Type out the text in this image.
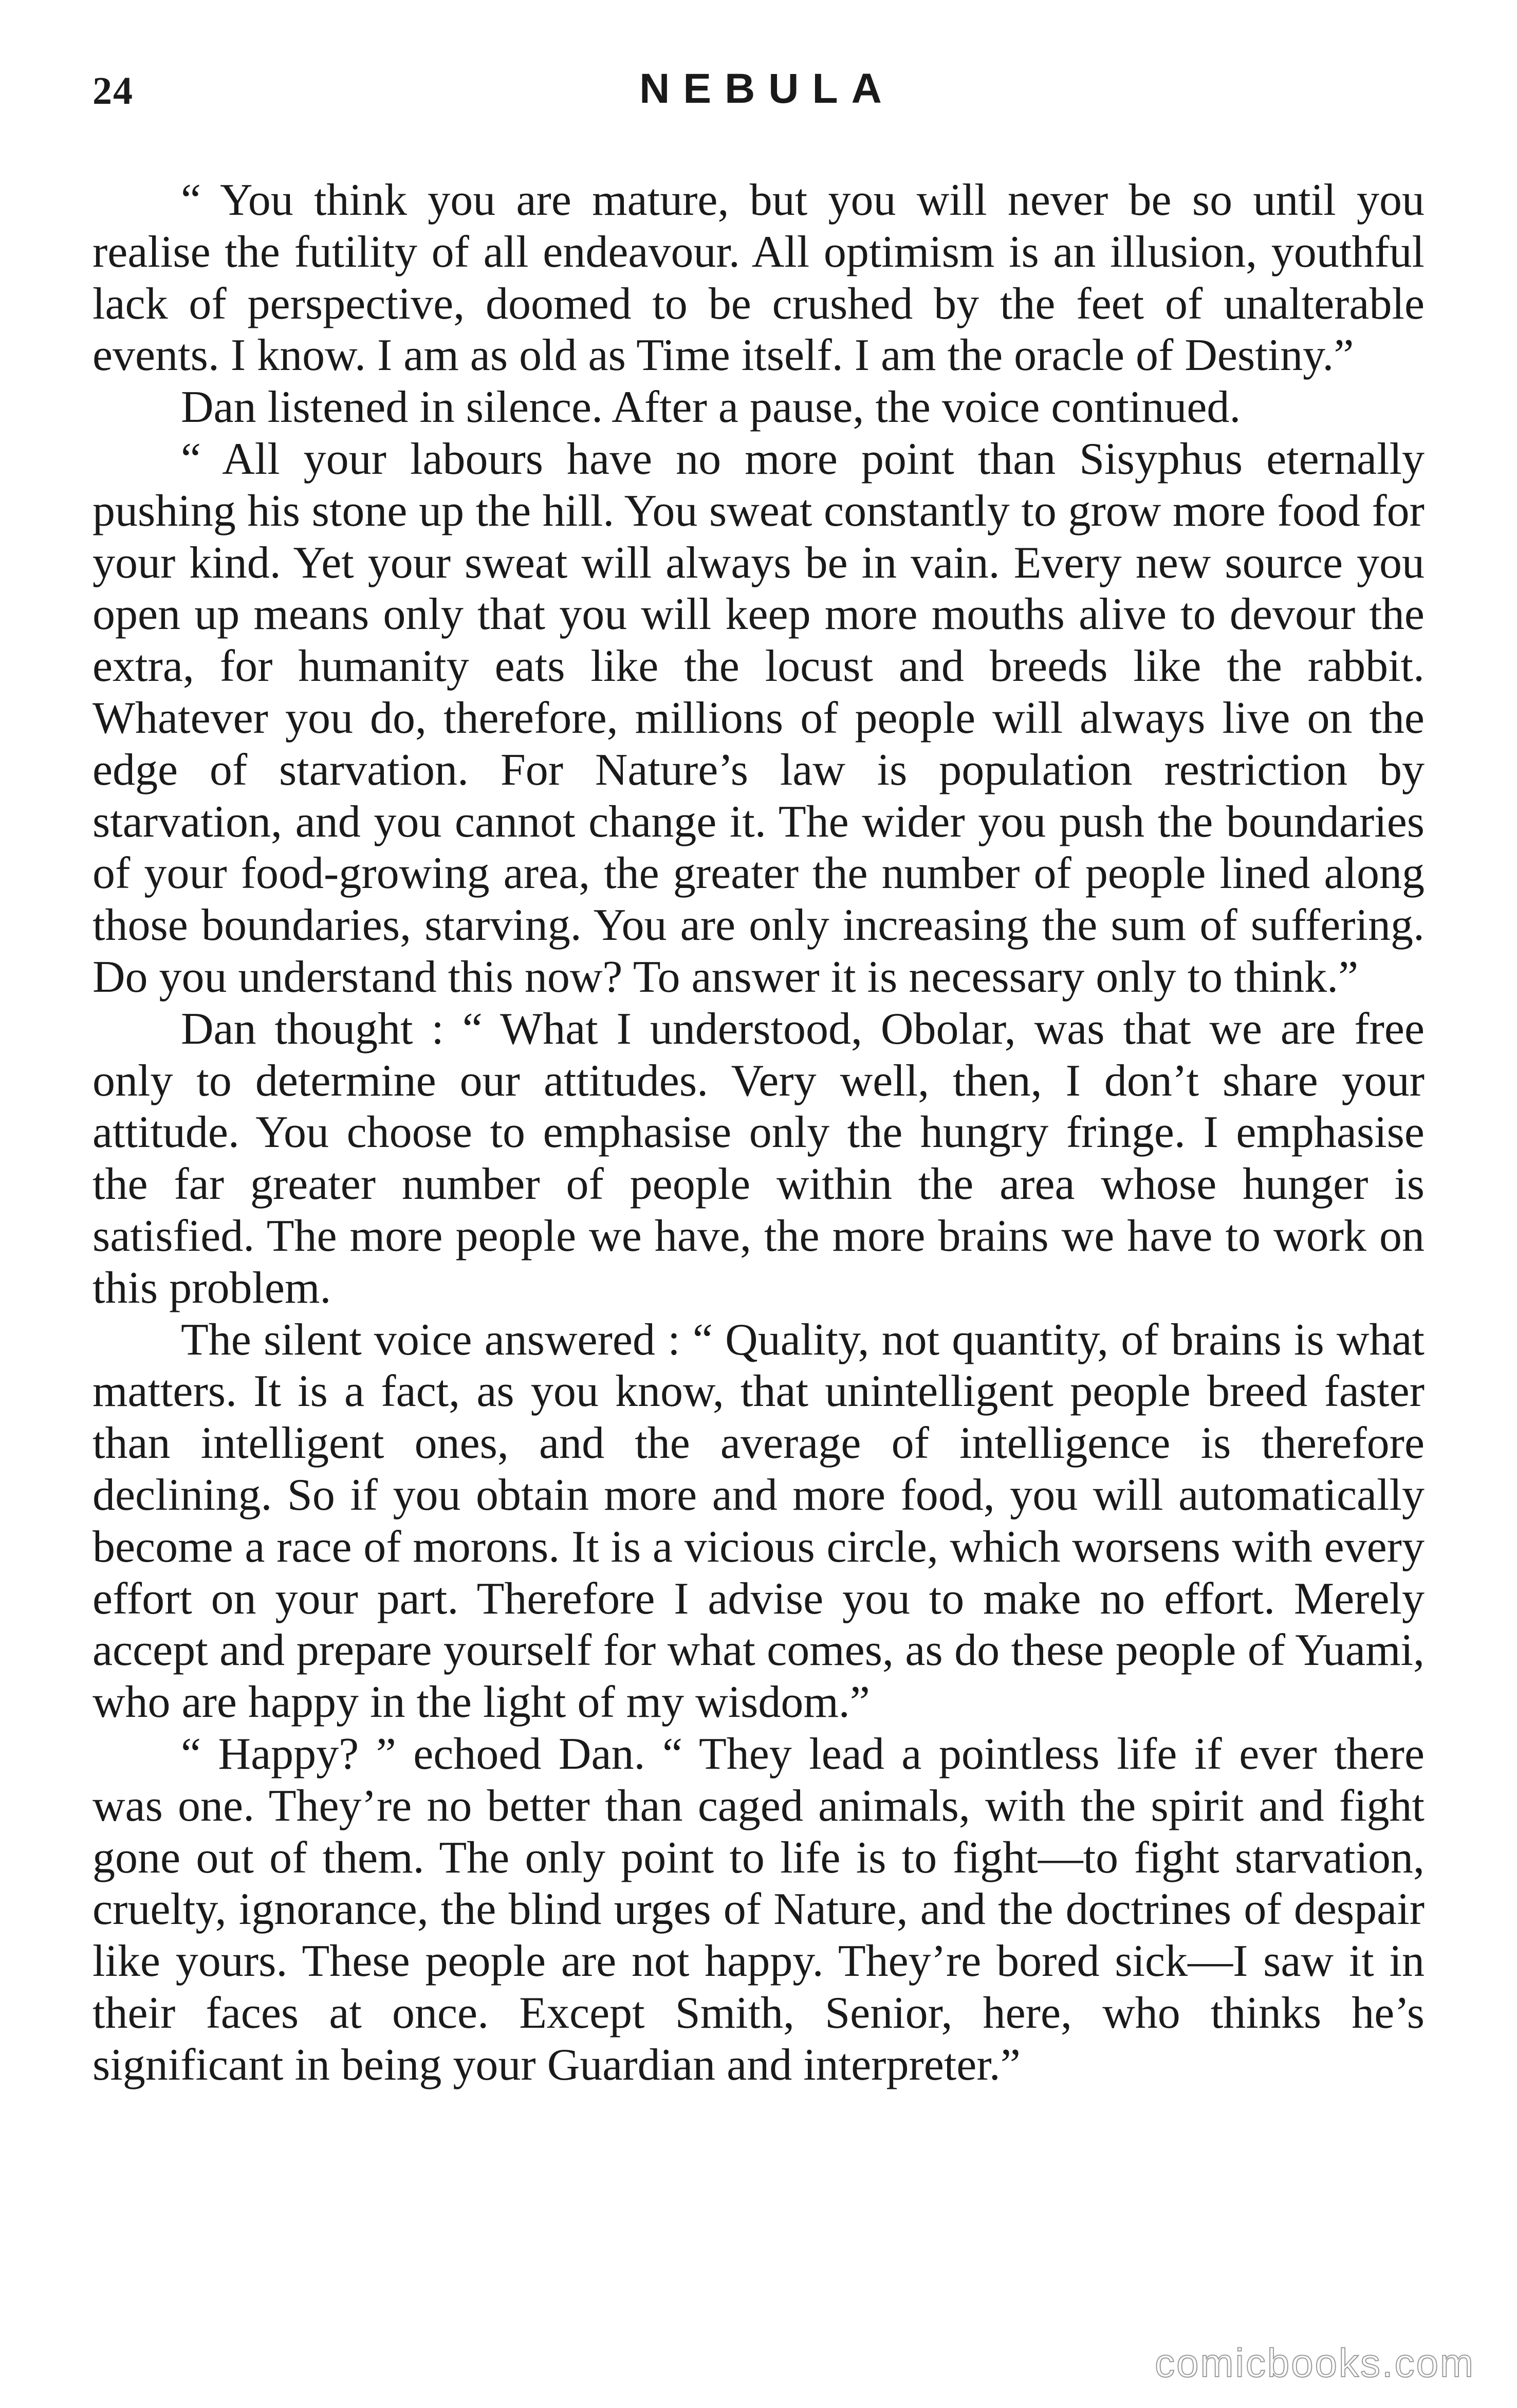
24	NEBULA

“ You think you are mature, but you will never be so until you realise the futility of all endeavour. All optimism is an illusion, youthful lack of perspective, doomed to be crushed by the feet of unalterable events. I know. I am as old as Time itself. I am the oracle of Destiny.”

Dan listened in silence. After a pause, the voice continued.

“ All your labours have no more point than Sisyphus eternally pushing his stone up the hill. You sweat constantly to grow more food for your kind. Yet your sweat will always be in vain. Every new source you open up means only that you will keep more mouths alive to devour the extra, for humanity eats like the locust and breeds like the rabbit. Whatever you do, therefore, millions of people will always live on the edge of starvation. For Nature’s law is population restriction by starvation, and you cannot change it. The wider you push the boundaries of your food-growing area, the greater the number of people lined along those boundaries, starving. You are only increasing the sum of suffering. Do you understand this now? To answer it is necessary only to think.”

Dan thought : “ What I understood, Obolar, was that we are free only to determine our attitudes. Very well, then, I don’t share your attitude. You choose to emphasise only the hungry fringe. I emphasise the far greater number of people within the area whose hunger is satisfied. The more people we have, the more brains we have to work on this problem.

The silent voice answered : “ Quality, not quantity, of brains is what matters. It is a fact, as you know, that unintelligent people breed faster than intelligent ones, and the average of intelligence is therefore declining. So if you obtain more and more food, you will automatically become a race of morons. It is a vicious circle, which worsens with every effort on your part. Therefore I advise you to make no effort. Merely accept and prepare yourself for what comes, as do these people of Yuami, who are happy in the light of my wisdom.”

“ Happy? ” echoed Dan. “ They lead a pointless life if ever there was one. They’re no better than caged animals, with the spirit and fight gone out of them. The only point to life is to fight—to fight starvation, cruelty, ignorance, the blind urges of Nature, and the doctrines of despair like yours. These people are not happy. They’re bored sick—I saw it in their faces at once. Except Smith, Senior, here, who thinks he’s significant in being your Guardian and interpreter.”

comicbooks.com
